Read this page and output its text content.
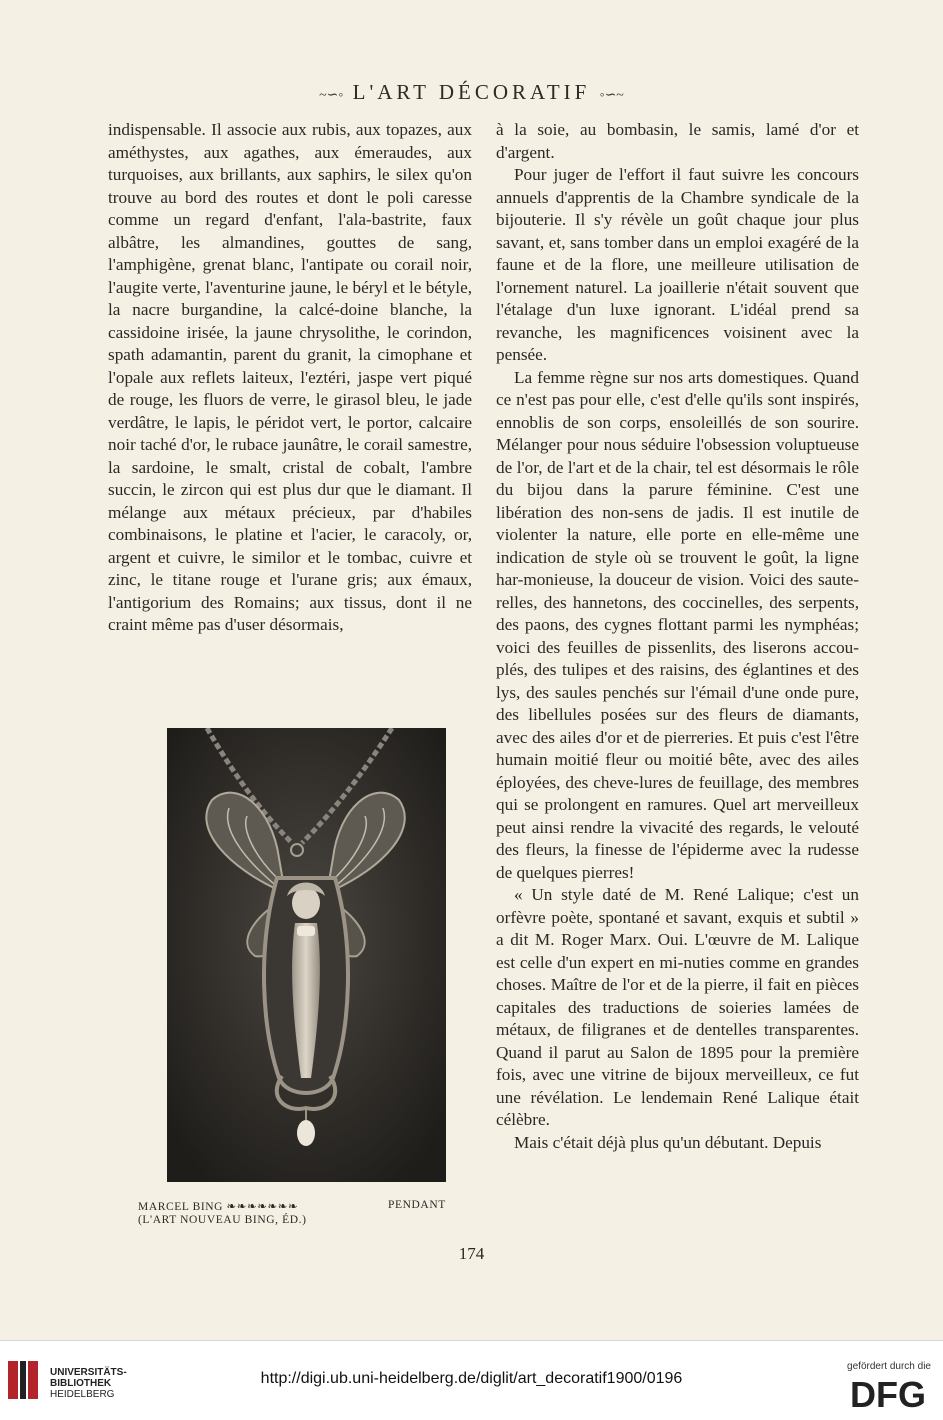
~∽◦ L'ART DÉCORATIF ◦∽~

indispensable. Il associe aux rubis, aux topazes, aux améthystes, aux agathes, aux émeraudes, aux turquoises, aux brillants, aux saphirs, le silex qu'on trouve au bord des routes et dont le poli caresse comme un regard d'enfant, l'ala-bastrite, faux albâtre, les almandines, gouttes de sang, l'amphigène, grenat blanc, l'antipate ou corail noir, l'augite verte, l'aventurine jaune, le béryl et le bétyle, la nacre burgandine, la calcé-doine blanche, la cassidoine irisée, la jaune chrysolithe, le corindon, spath adamantin, parent du granit, la cimophane et l'opale aux reflets laiteux, l'eztéri, jaspe vert piqué de rouge, les fluors de verre, le girasol bleu, le jade verdâtre, le lapis, le péridot vert, le portor, calcaire noir taché d'or, le rubace jaunâtre, le corail samestre, la sardoine, le smalt, cristal de cobalt, l'ambre succin, le zircon qui est plus dur que le diamant. Il mélange aux métaux précieux, par d'habiles combinaisons, le platine et l'acier, le caracoly, or, argent et cuivre, le similor et le tombac, cuivre et zinc, le titane rouge et l'urane gris; aux émaux, l'antigorium des Romains; aux tissus, dont il ne craint même pas d'user désormais,

à la soie, au bombasin, le samis, lamé d'or et d'argent.

Pour juger de l'effort il faut suivre les concours annuels d'apprentis de la Chambre syndicale de la bijouterie. Il s'y révèle un goût chaque jour plus savant, et, sans tomber dans un emploi exagéré de la faune et de la flore, une meilleure utilisation de l'ornement naturel. La joaillerie n'était souvent que l'étalage d'un luxe ignorant. L'idéal prend sa revanche, les magnificences voisinent avec la pensée.

La femme règne sur nos arts domestiques. Quand ce n'est pas pour elle, c'est d'elle qu'ils sont inspirés, ennoblis de son corps, ensoleillés de son sourire. Mélanger pour nous séduire l'obsession voluptueuse de l'or, de l'art et de la chair, tel est désormais le rôle du bijou dans la parure féminine. C'est une libération des non-sens de jadis. Il est inutile de violenter la nature, elle porte en elle-même une indication de style où se trouvent le goût, la ligne har-monieuse, la douceur de vision. Voici des saute-relles, des hannetons, des coccinelles, des serpents, des paons, des cygnes flottant parmi les nymphéas; voici des feuilles de pissenlits, des liserons accou-plés, des tulipes et des raisins, des églantines et des lys, des saules penchés sur l'émail d'une onde pure, des libellules posées sur des fleurs de diamants, avec des ailes d'or et de pierreries. Et puis c'est l'être humain moitié fleur ou moitié bête, avec des ailes éployées, des cheve-lures de feuillage, des membres qui se prolongent en ramures. Quel art merveilleux peut ainsi rendre la vivacité des regards, le velouté des fleurs, la finesse de l'épiderme avec la rudesse de quelques pierres!

« Un style daté de M. René Lalique; c'est un orfèvre poète, spontané et savant, exquis et subtil » a dit M. Roger Marx. Oui. L'œuvre de M. Lalique est celle d'un expert en mi-nuties comme en grandes choses. Maître de l'or et de la pierre, il fait en pièces capitales des traductions de soieries lamées de métaux, de filigranes et de dentelles transparentes. Quand il parut au Salon de 1895 pour la première fois, avec une vitrine de bijoux merveilleux, ce fut une révélation. Le lendemain René Lalique était célèbre.

Mais c'était déjà plus qu'un débutant. Depuis

MARCEL BING ❧❧❧❧❧❧❧
(L'ART NOUVEAU BING, ÉD.)
PENDANT
174
UNIVERSITÄTS-
BIBLIOTHEK
HEIDELBERG
http://digi.ub.uni-heidelberg.de/diglit/art_decoratif1900/0196
gefördert durch die
DFG
